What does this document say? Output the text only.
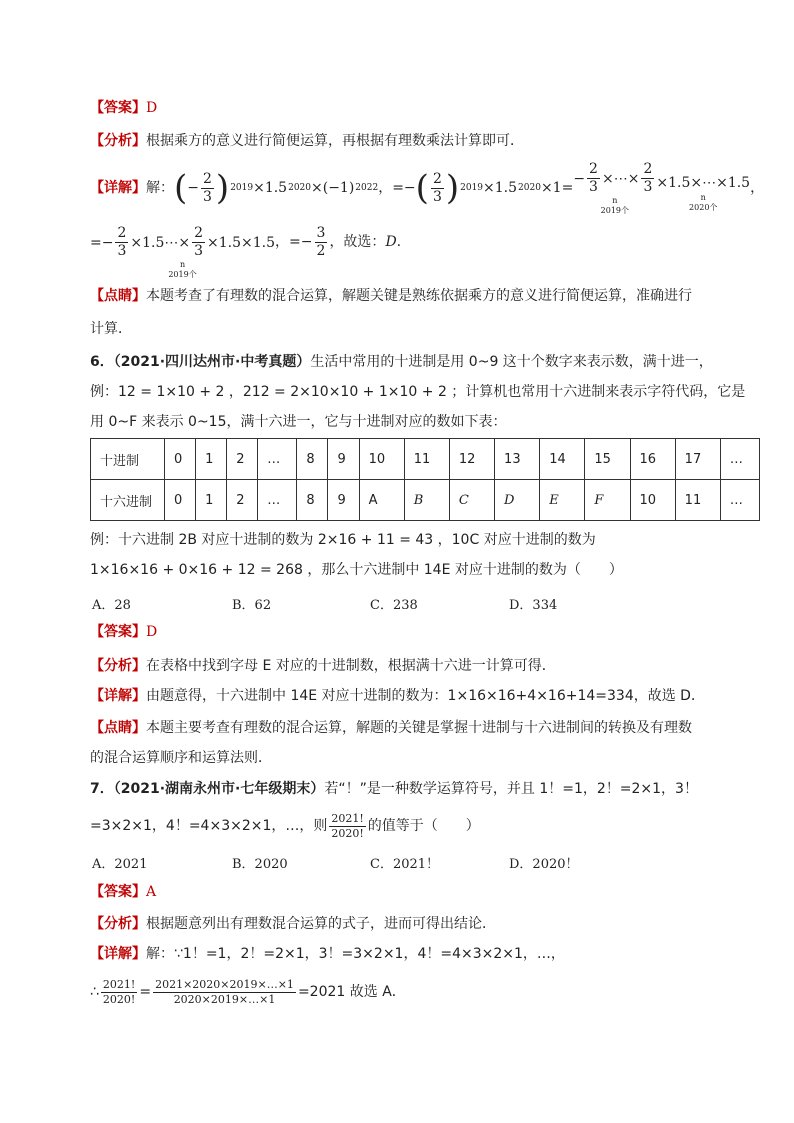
【答案】D
【分析】根据乘方的意义进行简便运算，再根据有理数乘法计算即可．
【详解】 解： ( − $\frac{2}{3}$ ) 2019 ×1.5 2020 ×(−1) 2022 ，=− ( $\frac{2}{3}$ ) 2019 ×1.5 2020 ×1=
− $\frac{2}{3}$ ×⋯× $\frac{2}{3}$
n
2019个
×1.5×⋯×1.5
n
2020个
，
= − $\frac{2}{3}$ ×1.5⋯× $\frac{2}{3} \times 1.5\times 1.5$
n
2019个
，=− $\frac{3}{2}$ ，故选： D .
【点睛】本题考查了有理数的混合运算，解题关键是熟练依据乘方的意义进行简便运算，准确进行
计算．
6．（2021·四川达州市·中考真题）生活中常用的十进制是用 0~9 这十个数字来表示数，满十进一，
例：12 = 1×10 + 2 ，212 = 2×10×10 + 1×10 + 2 ；计算机也常用十六进制来表示字符代码，它是
用 0~F 来表示 0~15，满十六进一，它与十进制对应的数如下表：
十进制	0	1	2	…	8	9	10	11	12	13	14	15	16	17	…
十六进制	0	1	2	…	8	9	A	B	C	D	E	F	10	11	…
例：十六进制 2B 对应十进制的数为 2×16 + 11 = 43 ，10C 对应十进制的数为
1×16×16 + 0×16 + 12 = 268 ，那么十六进制中 14E 对应十进制的数为（　　）
A．28	B．62	C．238	D．334
【答案】D
【分析】在表格中找到字母 E 对应的十进制数，根据满十六进一计算可得．
【详解】由题意得，十六进制中 14E 对应十进制的数为：1×16×16+4×16+14=334，故选 D．
【点睛】本题主要考查有理数的混合运算，解题的关键是掌握十进制与十六进制间的转换及有理数
的混合运算顺序和运算法则．
7．（2021·湖南永州市·七年级期末）若“！”是一种数学运算符号，并且 1！=1，2！=2×1，3！
=3×2×1，4！=4×3×2×1，…，则 $\frac{2021!}{2020!}$ 的值等于（　　）
A．2021	B．2020	C．2021！	D．2020！
【答案】A
【分析】根据题意列出有理数混合运算的式子，进而可得出结论．
【详解】解：∵1！=1，2！=2×1，3！=3×2×1，4！=4×3×2×1，…，
∴ $\frac{2021!}{2020!} = \frac{2021\times 2020\times 2019\times\dots\times 1}{2020\times 2019\times\dots\times 1} =2021$ 故选 A．
